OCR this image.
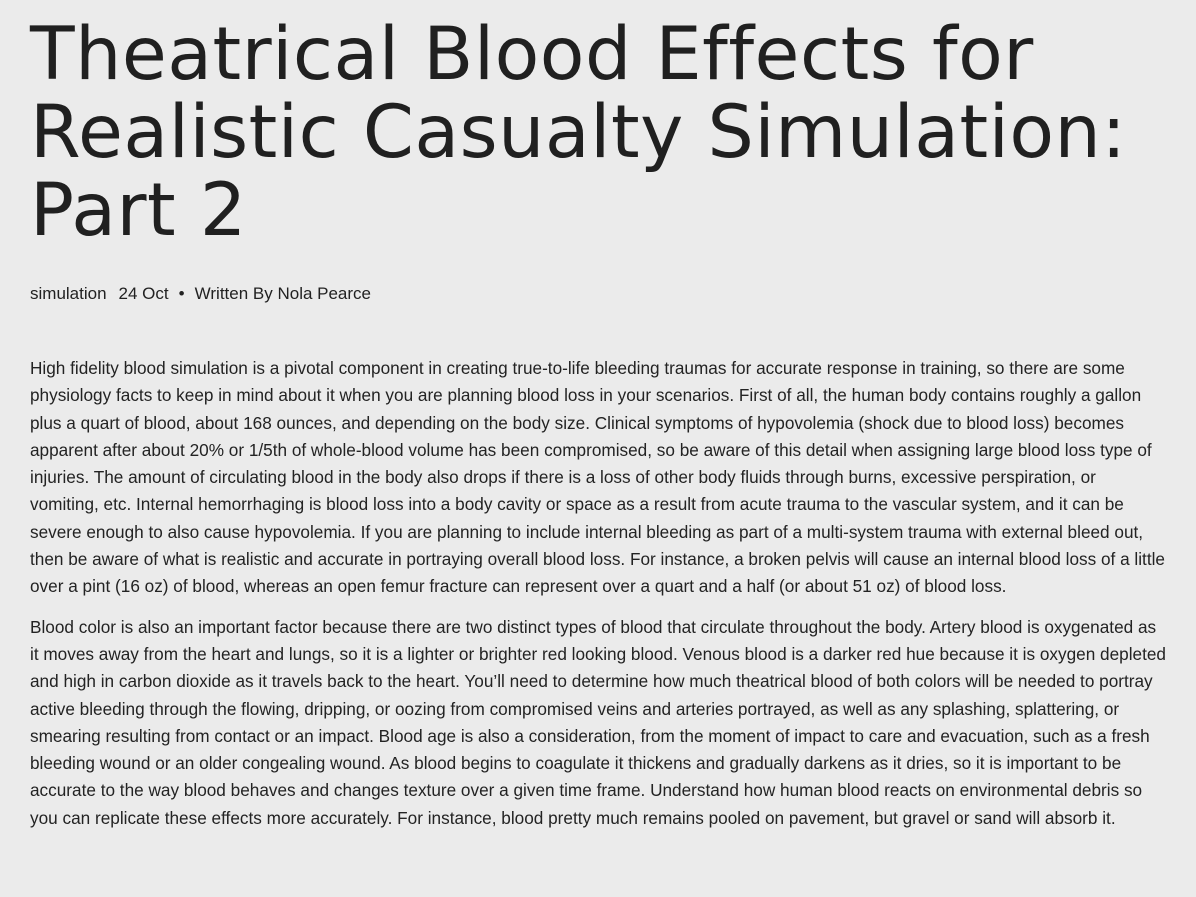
Theatrical Blood Effects for Realistic Casualty Simulation: Part 2
simulation 24 Oct • Written By Nola Pearce

High fidelity blood simulation is a pivotal component in creating true-to-life bleeding traumas for accurate response in training, so there are some physiology facts to keep in mind about it when you are planning blood loss in your scenarios. First of all, the human body contains roughly a gallon plus a quart of blood, about 168 ounces, and depending on the body size. Clinical symptoms of hypovolemia (shock due to blood loss) becomes apparent after about 20% or 1/5th of whole-blood volume has been compromised, so be aware of this detail when assigning large blood loss type of injuries. The amount of circulating blood in the body also drops if there is a loss of other body fluids through burns, excessive perspiration, or vomiting, etc. Internal hemorrhaging is blood loss into a body cavity or space as a result from acute trauma to the vascular system, and it can be severe enough to also cause hypovolemia. If you are planning to include internal bleeding as part of a multi-system trauma with external bleed out, then be aware of what is realistic and accurate in portraying overall blood loss. For instance, a broken pelvis will cause an internal blood loss of a little over a pint (16 oz) of blood, whereas an open femur fracture can represent over a quart and a half (or about 51 oz) of blood loss.

Blood color is also an important factor because there are two distinct types of blood that circulate throughout the body. Artery blood is oxygenated as it moves away from the heart and lungs, so it is a lighter or brighter red looking blood. Venous blood is a darker red hue because it is oxygen depleted and high in carbon dioxide as it travels back to the heart. You’ll need to determine how much theatrical blood of both colors will be needed to portray active bleeding through the flowing, dripping, or oozing from compromised veins and arteries portrayed, as well as any splashing, splattering, or smearing resulting from contact or an impact. Blood age is also a consideration, from the moment of impact to care and evacuation, such as a fresh bleeding wound or an older congealing wound. As blood begins to coagulate it thickens and gradually darkens as it dries, so it is important to be accurate to the way blood behaves and changes texture over a given time frame. Understand how human blood reacts on environmental debris so you can replicate these effects more accurately. For instance, blood pretty much remains pooled on pavement, but gravel or sand will absorb it.
